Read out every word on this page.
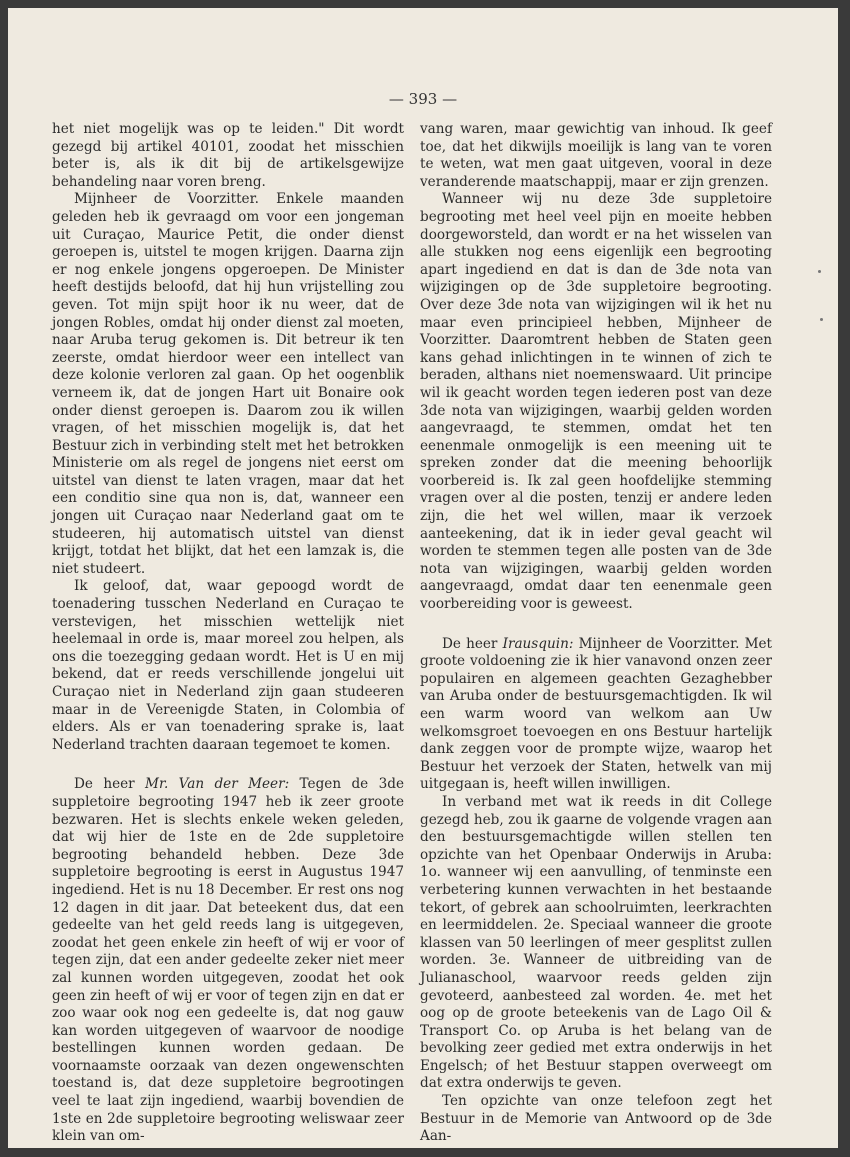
— 393 —

het niet mogelijk was op te leiden." Dit wordt gezegd bij artikel 40101, zoodat het misschien beter is, als ik dit bij de artikelsgewijze behandeling naar voren breng.

Mijnheer de Voorzitter. Enkele maanden geleden heb ik gevraagd om voor een jongeman uit Curaçao, Maurice Petit, die onder dienst geroepen is, uitstel te mogen krijgen. Daarna zijn er nog enkele jongens opgeroepen. De Minister heeft destijds beloofd, dat hij hun vrijstelling zou geven. Tot mijn spijt hoor ik nu weer, dat de jongen Robles, omdat hij onder dienst zal moeten, naar Aruba terug gekomen is. Dit betreur ik ten zeerste, omdat hierdoor weer een intellect van deze kolonie verloren zal gaan. Op het oogenblik verneem ik, dat de jongen Hart uit Bonaire ook onder dienst geroepen is. Daarom zou ik willen vragen, of het misschien mogelijk is, dat het Bestuur zich in verbinding stelt met het betrokken Ministerie om als regel de jongens niet eerst om uitstel van dienst te laten vragen, maar dat het een conditio sine qua non is, dat, wanneer een jongen uit Curaçao naar Nederland gaat om te studeeren, hij automatisch uitstel van dienst krijgt, totdat het blijkt, dat het een lamzak is, die niet studeert.

Ik geloof, dat, waar gepoogd wordt de toenadering tusschen Nederland en Curaçao te verstevigen, het misschien wettelijk niet heelemaal in orde is, maar moreel zou helpen, als ons die toezegging gedaan wordt. Het is U en mij bekend, dat er reeds verschillende jongelui uit Curaçao niet in Nederland zijn gaan studeeren maar in de Vereenigde Staten, in Colombia of elders. Als er van toenadering sprake is, laat Nederland trachten daaraan tegemoet te komen.

De heer Mr. Van der Meer: Tegen de 3de suppletoire begrooting 1947 heb ik zeer groote bezwaren. Het is slechts enkele weken geleden, dat wij hier de 1ste en de 2de suppletoire begrooting behandeld hebben. Deze 3de suppletoire begrooting is eerst in Augustus 1947 ingediend. Het is nu 18 December. Er rest ons nog 12 dagen in dit jaar. Dat beteekent dus, dat een gedeelte van het geld reeds lang is uitgegeven, zoodat het geen enkele zin heeft of wij er voor of tegen zijn, dat een ander gedeelte zeker niet meer zal kunnen worden uitgegeven, zoodat het ook geen zin heeft of wij er voor of tegen zijn en dat er zoo waar ook nog een gedeelte is, dat nog gauw kan worden uitgegeven of waarvoor de noodige bestellingen kunnen worden gedaan. De voornaamste oorzaak van dezen ongewenschten toestand is, dat deze suppletoire begrootingen veel te laat zijn ingediend, waarbij bovendien de 1ste en 2de suppletoire begrooting weliswaar zeer klein van om-

vang waren, maar gewichtig van inhoud. Ik geef toe, dat het dikwijls moeilijk is lang van te voren te weten, wat men gaat uitgeven, vooral in deze veranderende maatschappij, maar er zijn grenzen.

Wanneer wij nu deze 3de suppletoire begrooting met heel veel pijn en moeite hebben doorgeworsteld, dan wordt er na het wisselen van alle stukken nog eens eigenlijk een begrooting apart ingediend en dat is dan de 3de nota van wijzigingen op de 3de suppletoire begrooting. Over deze 3de nota van wijzigingen wil ik het nu maar even principieel hebben, Mijnheer de Voorzitter. Daaromtrent hebben de Staten geen kans gehad inlichtingen in te winnen of zich te beraden, althans niet noemenswaard. Uit principe wil ik geacht worden tegen iederen post van deze 3de nota van wijzigingen, waarbij gelden worden aangevraagd, te stemmen, omdat het ten eenenmale onmogelijk is een meening uit te spreken zonder dat die meening behoorlijk voorbereid is. Ik zal geen hoofdelijke stemming vragen over al die posten, tenzij er andere leden zijn, die het wel willen, maar ik verzoek aanteekening, dat ik in ieder geval geacht wil worden te stemmen tegen alle posten van de 3de nota van wijzigingen, waarbij gelden worden aangevraagd, omdat daar ten eenenmale geen voorbereiding voor is geweest.

De heer Irausquin: Mijnheer de Voorzitter. Met groote voldoening zie ik hier vanavond onzen zeer populairen en algemeen geachten Gezaghebber van Aruba onder de bestuursgemachtigden. Ik wil een warm woord van welkom aan Uw welkomsgroet toevoegen en ons Bestuur hartelijk dank zeggen voor de prompte wijze, waarop het Bestuur het verzoek der Staten, hetwelk van mij uitgegaan is, heeft willen inwilligen.

In verband met wat ik reeds in dit College gezegd heb, zou ik gaarne de volgende vragen aan den bestuursgemachtigde willen stellen ten opzichte van het Openbaar Onderwijs in Aruba: 1o. wanneer wij een aanvulling, of tenminste een verbetering kunnen verwachten in het bestaande tekort, of gebrek aan schoolruimten, leerkrachten en leermiddelen. 2e. Speciaal wanneer die groote klassen van 50 leerlingen of meer gesplitst zullen worden. 3e. Wanneer de uitbreiding van de Julianaschool, waarvoor reeds gelden zijn gevoteerd, aanbesteed zal worden. 4e. met het oog op de groote beteekenis van de Lago Oil & Transport Co. op Aruba is het belang van de bevolking zeer gedied met extra onderwijs in het Engelsch; of het Bestuur stappen overweegt om dat extra onderwijs te geven.

Ten opzichte van onze telefoon zegt het Bestuur in de Memorie van Antwoord op de 3de Aan-
